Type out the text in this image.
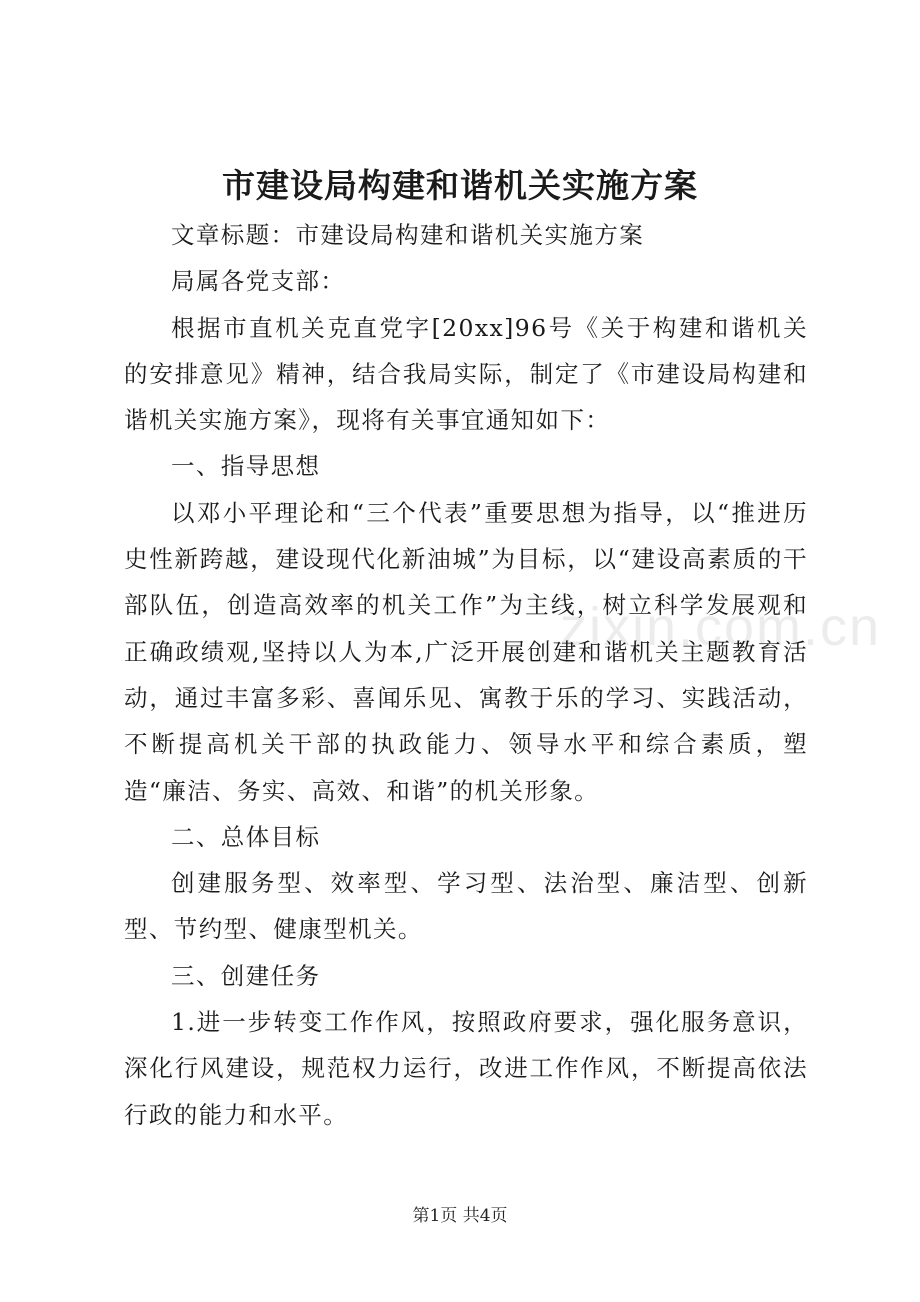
市建设局构建和谐机关实施方案

文章标题：市建设局构建和谐机关实施方案

局属各党支部：

根据市直机关克直党字[20xx]96号《关于构建和谐机关的安排意见》精神，结合我局实际，制定了《市建设局构建和谐机关实施方案》，现将有关事宜通知如下：

一、指导思想

以邓小平理论和“三个代表”重要思想为指导，以“推进历史性新跨越，建设现代化新油城”为目标，以“建设高素质的干部队伍，创造高效率的机关工作”为主线，树立科学发展观和正确政绩观,坚持以人为本,广泛开展创建和谐机关主题教育活动，通过丰富多彩、喜闻乐见、寓教于乐的学习、实践活动，不断提高机关干部的执政能力、领导水平和综合素质，塑造“廉洁、务实、高效、和谐”的机关形象。

二、总体目标

创建服务型、效率型、学习型、法治型、廉洁型、创新型、节约型、健康型机关。

三、创建任务

1.进一步转变工作作风，按照政府要求，强化服务意识，深化行风建设，规范权力运行，改进工作作风，不断提高依法行政的能力和水平。

zixin.com.cn
第1页 共4页
